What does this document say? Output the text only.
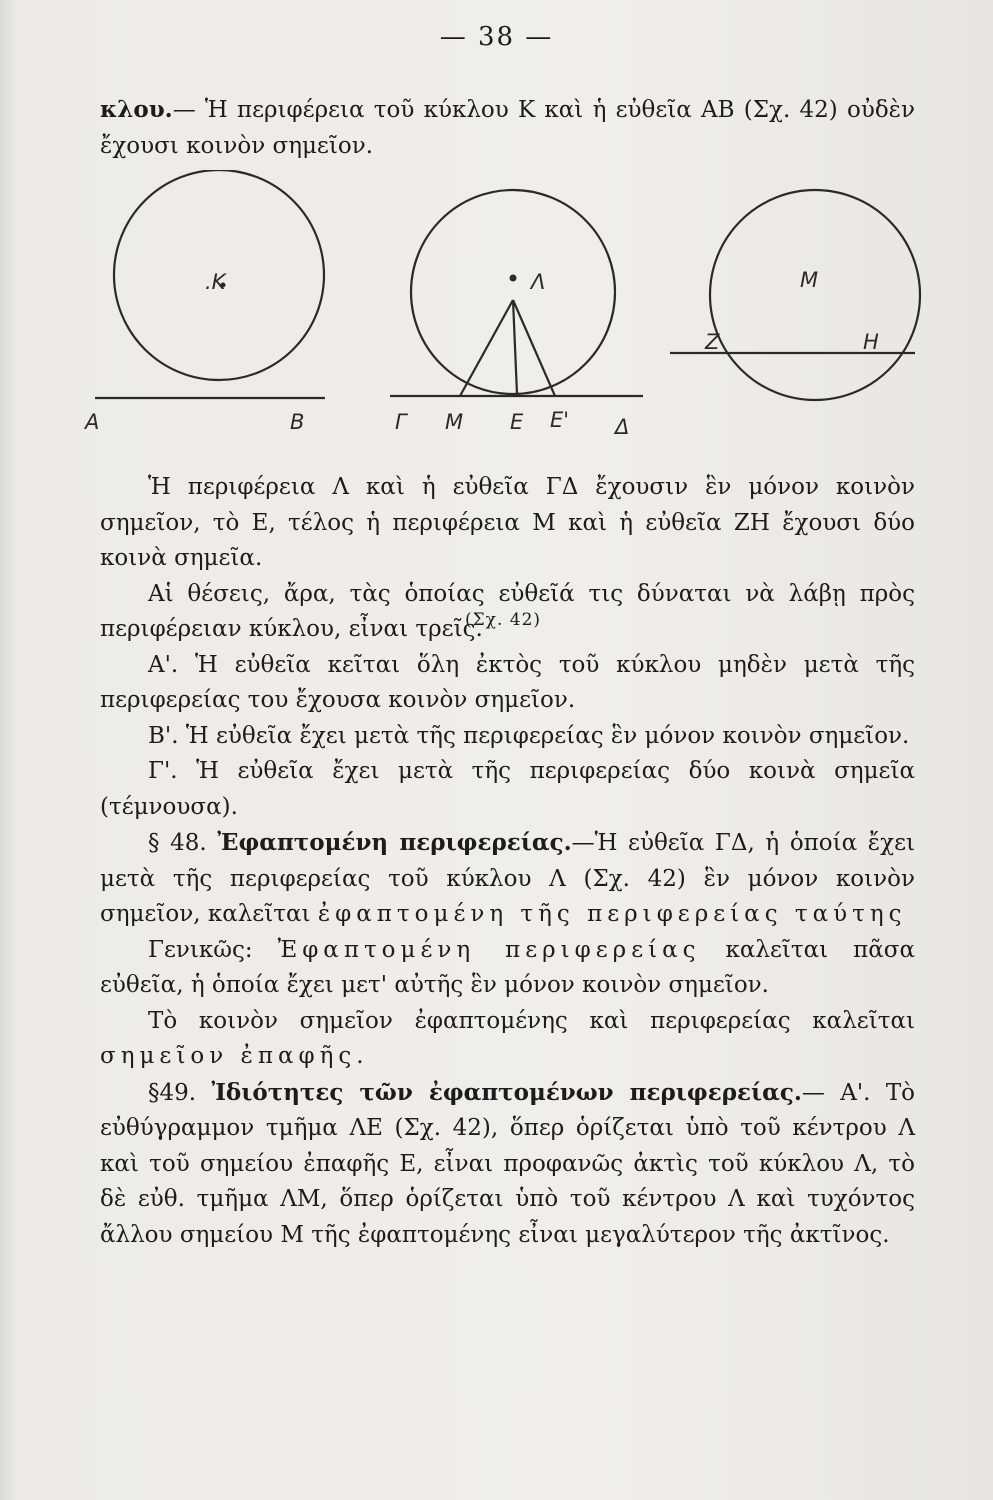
— 38 —

κλου.— Ἡ περιφέρεια τοῦ κύκλου Κ καὶ ἡ εὐθεῖα ΑΒ (Σχ. 42) οὐδὲν ἔχουσι κοινὸν σημεῖον.

.K
A	B
Λ
Γ M E E' Δ
M
Z	H
(Σχ. 42)

Ἡ περιφέρεια Λ καὶ ἡ εὐθεῖα ΓΔ ἔχουσιν ἓν μόνον κοινὸν σημεῖον, τὸ Ε, τέλος ἡ περιφέρεια Μ καὶ ἡ εὐθεῖα ΖΗ ἔχουσι δύο κοινὰ σημεῖα.

Αἱ θέσεις, ἄρα, τὰς ὁποίας εὐθεῖά τις δύναται νὰ λάβῃ πρὸς περιφέρειαν κύκλου, εἶναι τρεῖς.

Α'. Ἡ εὐθεῖα κεῖται ὅλη ἐκτὸς τοῦ κύκλου μηδὲν μετὰ τῆς περιφερείας του ἔχουσα κοινὸν σημεῖον.

Β'. Ἡ εὐθεῖα ἔχει μετὰ τῆς περιφερείας ἓν μόνον κοινὸν σημεῖον.

Γ'. Ἡ εὐθεῖα ἔχει μετὰ τῆς περιφερείας δύο κοινὰ σημεῖα (τέμνουσα).

§ 48. Ἐφαπτομένη περιφερείας.—Ἡ εὐθεῖα ΓΔ, ἡ ὁποία ἔχει μετὰ τῆς περιφερείας τοῦ κύκλου Λ (Σχ. 42) ἓν μόνον κοινὸν σημεῖον, καλεῖται ἐφαπτομένη τῆς περιφερείας ταύτης

Γενικῶς: Ἐφαπτομένη περιφερείας καλεῖται πᾶσα εὐθεῖα, ἡ ὁποία ἔχει μετ' αὐτῆς ἓν μόνον κοινὸν σημεῖον.

Τὸ κοινὸν σημεῖον ἐφαπτομένης καὶ περιφερείας καλεῖται σημεῖον ἐπαφῆς.

§49. Ἰδιότητες τῶν ἐφαπτομένων περιφερείας.— Α'. Τὸ εὐθύγραμμον τμῆμα ΛΕ (Σχ. 42), ὅπερ ὁρίζεται ὑπὸ τοῦ κέντρου Λ καὶ τοῦ σημείου ἐπαφῆς Ε, εἶναι προφανῶς ἀκτὶς τοῦ κύκλου Λ, τὸ δὲ εὐθ. τμῆμα ΛΜ, ὅπερ ὁρίζεται ὑπὸ τοῦ κέντρου Λ καὶ τυχόντος ἄλλου σημείου Μ τῆς ἐφαπτομένης εἶναι μεγαλύτερον τῆς ἀκτῖνος.
